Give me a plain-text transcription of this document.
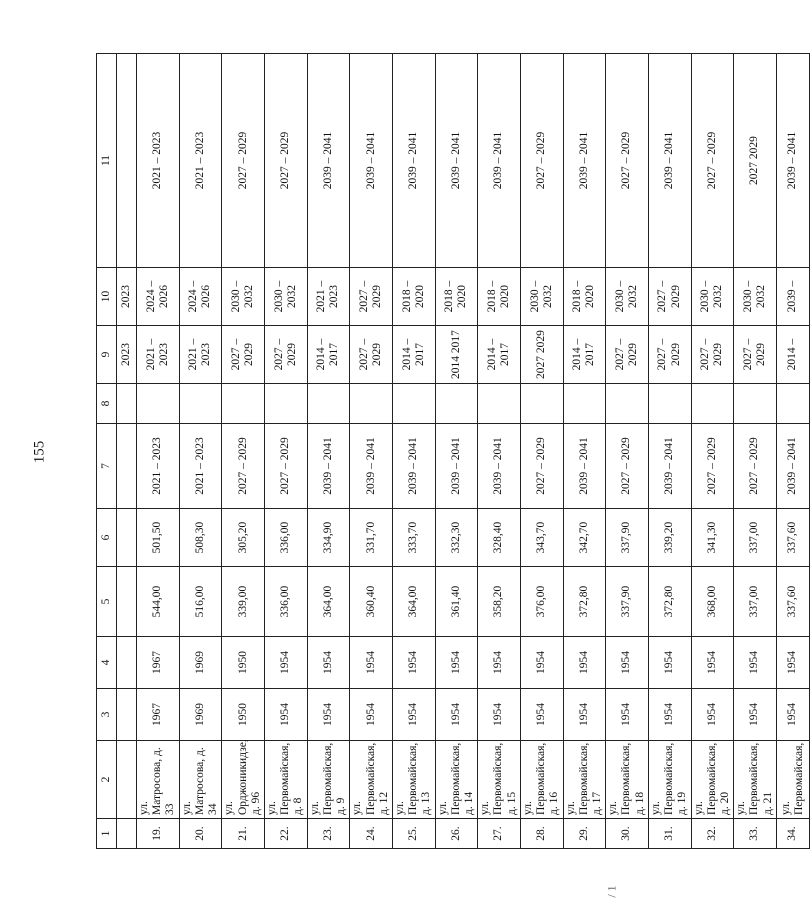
155
1	2	3	4	5	6	7	8	9	10	11
								2023	2023	
19.	ул. Матросова, д. 33	1967	1967	544,00	501,50	2021 – 2023		2021 – 2023	2024 – 2026	2021 – 2023
20.	ул. Матросова, д. 34	1969	1969	516,00	508,30	2021 – 2023		2021 – 2023	2024 – 2026	2021 – 2023
21.	ул. Орджоникидзе, д. 96	1950	1950	339,00	305,20	2027 – 2029		2027 – 2029	2030 – 2032	2027 – 2029
22.	ул. Первомайская, д. 8	1954	1954	336,00	336,00	2027 – 2029		2027 – 2029	2030 – 2032	2027 – 2029
23.	ул. Первомайская, д. 9	1954	1954	364,00	334,90	2039 – 2041		2014 – 2017	2021 – 2023	2039 – 2041
24.	ул. Первомайская, д. 12	1954	1954	360,40	331,70	2039 – 2041		2027 – 2029	2027 – 2029	2039 – 2041
25.	ул. Первомайская, д. 13	1954	1954	364,00	333,70	2039 – 2041		2014 – 2017	2018 – 2020	2039 – 2041
26.	ул. Первомайская, д. 14	1954	1954	361,40	332,30	2039 – 2041		2014 2017	2018 – 2020	2039 – 2041
27.	ул. Первомайская, д. 15	1954	1954	358,20	328,40	2039 – 2041		2014 – 2017	2018 – 2020	2039 – 2041
28.	ул. Первомайская, д. 16	1954	1954	376,00	343,70	2027 – 2029		2027 2029	2030 – 2032	2027 – 2029
29.	ул. Первомайская, д. 17	1954	1954	372,80	342,70	2039 – 2041		2014 – 2017	2018 – 2020	2039 – 2041
30.	ул. Первомайская, д. 18	1954	1954	337,90	337,90	2027 – 2029		2027 – 2029	2030 – 2032	2027 – 2029
31.	ул. Первомайская, д. 19	1954	1954	372,80	339,20	2039 – 2041		2027 – 2029	2027 – 2029	2039 – 2041
32.	ул. Первомайская, д. 20	1954	1954	368,00	341,30	2027 – 2029		2027 – 2029	2030 – 2032	2027 – 2029
33.	ул. Первомайская, д. 21	1954	1954	337,00	337,00	2027 – 2029		2027 – 2029	2030 – 2032	2027 2029
34.	ул. Первомайская,	1954	1954	337,60	337,60	2039 – 2041		2014 –	2039 –	2039 – 2041
/ 1
